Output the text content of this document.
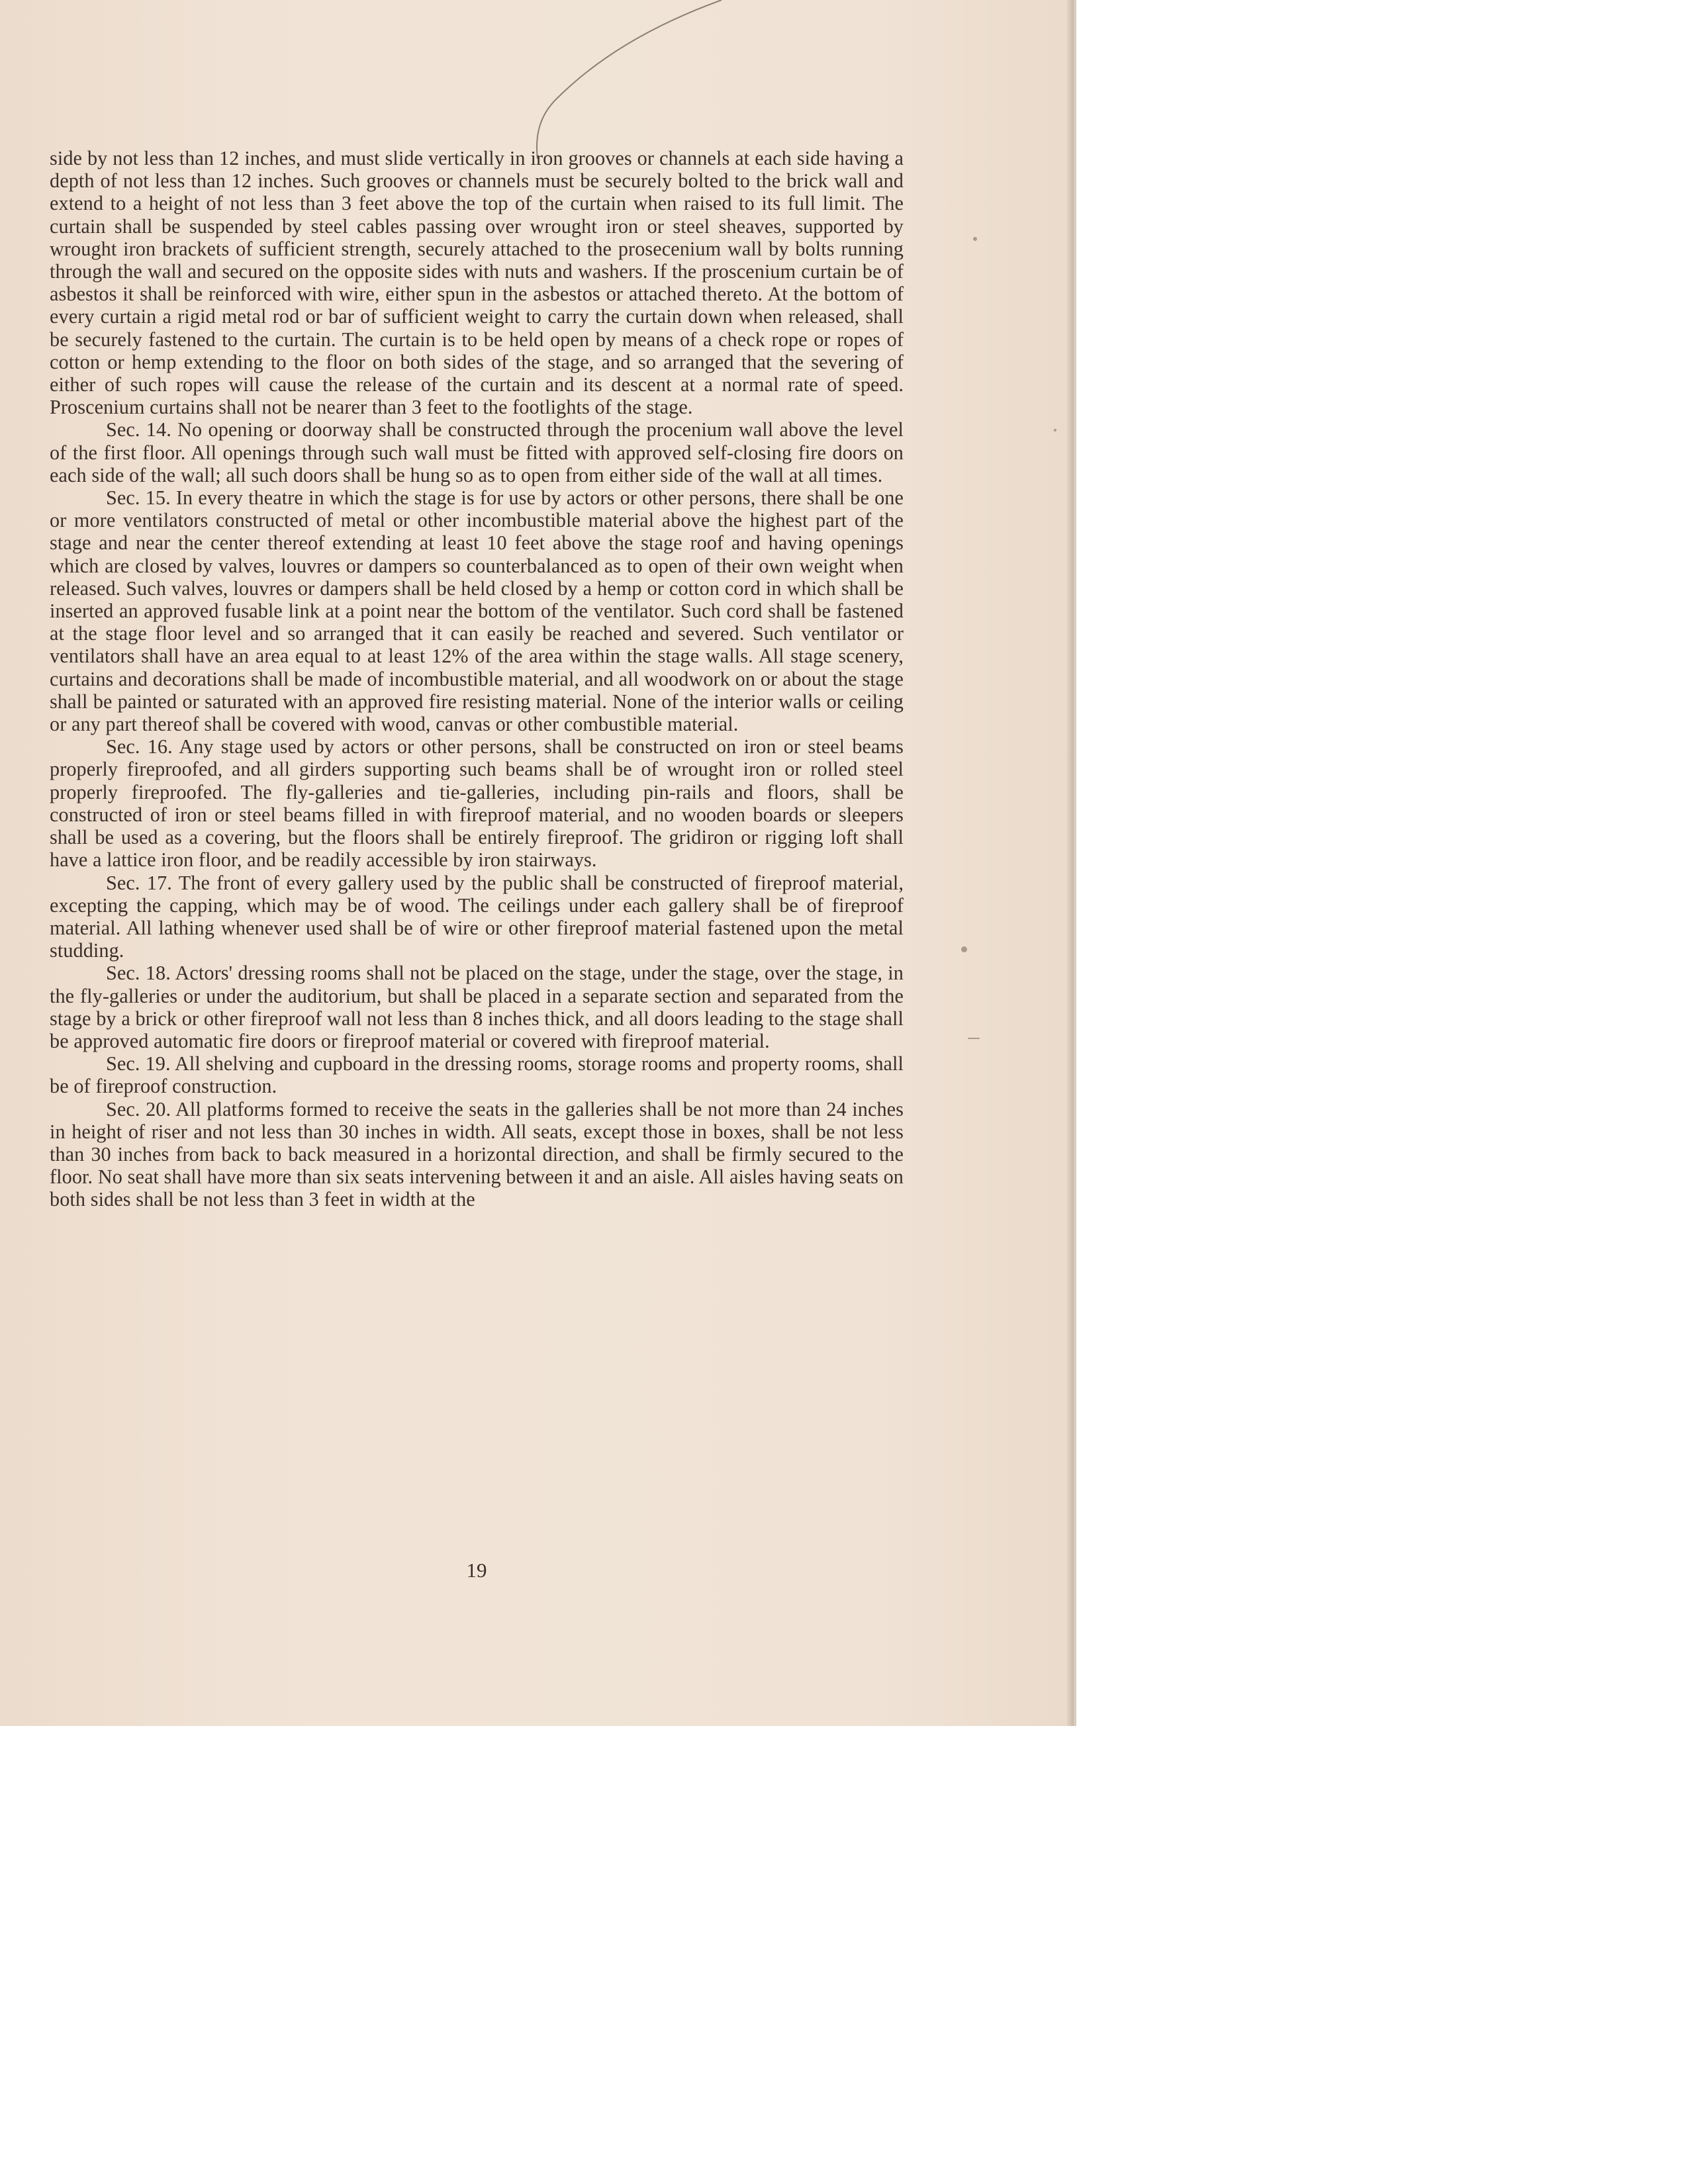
side by not less than 12 inches, and must slide vertically in iron grooves or channels at each side having a depth of not less than 12 inches. Such grooves or channels must be securely bolted to the brick wall and extend to a height of not less than 3 feet above the top of the curtain when raised to its full limit. The curtain shall be suspended by steel cables passing over wrought iron or steel sheaves, supported by wrought iron brackets of sufficient strength, securely attached to the prosecenium wall by bolts running through the wall and secured on the opposite sides with nuts and washers. If the proscenium curtain be of asbestos it shall be reinforced with wire, either spun in the asbestos or attached thereto. At the bottom of every curtain a rigid metal rod or bar of sufficient weight to carry the curtain down when released, shall be securely fastened to the curtain. The curtain is to be held open by means of a check rope or ropes of cotton or hemp extending to the floor on both sides of the stage, and so arranged that the severing of either of such ropes will cause the release of the curtain and its descent at a normal rate of speed. Proscenium curtains shall not be nearer than 3 feet to the footlights of the stage.

Sec. 14. No opening or doorway shall be constructed through the procenium wall above the level of the first floor. All openings through such wall must be fitted with approved self-closing fire doors on each side of the wall; all such doors shall be hung so as to open from either side of the wall at all times.

Sec. 15. In every theatre in which the stage is for use by actors or other persons, there shall be one or more ventilators constructed of metal or other incombustible material above the highest part of the stage and near the center thereof extending at least 10 feet above the stage roof and having openings which are closed by valves, louvres or dampers so counterbalanced as to open of their own weight when released. Such valves, louvres or dampers shall be held closed by a hemp or cotton cord in which shall be inserted an approved fusable link at a point near the bottom of the ventilator. Such cord shall be fastened at the stage floor level and so arranged that it can easily be reached and severed. Such ventilator or ventilators shall have an area equal to at least 12% of the area within the stage walls. All stage scenery, curtains and decorations shall be made of incombustible material, and all woodwork on or about the stage shall be painted or saturated with an approved fire resisting material. None of the interior walls or ceiling or any part thereof shall be covered with wood, canvas or other combustible material.

Sec. 16. Any stage used by actors or other persons, shall be constructed on iron or steel beams properly fireproofed, and all girders supporting such beams shall be of wrought iron or rolled steel properly fireproofed. The fly-galleries and tie-galleries, including pin-rails and floors, shall be constructed of iron or steel beams filled in with fireproof material, and no wooden boards or sleepers shall be used as a covering, but the floors shall be entirely fireproof. The gridiron or rigging loft shall have a lattice iron floor, and be readily accessible by iron stairways.

Sec. 17. The front of every gallery used by the public shall be constructed of fireproof material, excepting the capping, which may be of wood. The ceilings under each gallery shall be of fireproof material. All lathing whenever used shall be of wire or other fireproof material fastened upon the metal studding.

Sec. 18. Actors' dressing rooms shall not be placed on the stage, under the stage, over the stage, in the fly-galleries or under the auditorium, but shall be placed in a separate section and separated from the stage by a brick or other fireproof wall not less than 8 inches thick, and all doors leading to the stage shall be approved automatic fire doors or fireproof material or covered with fireproof material.

Sec. 19. All shelving and cupboard in the dressing rooms, storage rooms and property rooms, shall be of fireproof construction.

Sec. 20. All platforms formed to receive the seats in the galleries shall be not more than 24 inches in height of riser and not less than 30 inches in width. All seats, except those in boxes, shall be not less than 30 inches from back to back measured in a horizontal direction, and shall be firmly secured to the floor. No seat shall have more than six seats intervening between it and an aisle. All aisles having seats on both sides shall be not less than 3 feet in width at the

19
